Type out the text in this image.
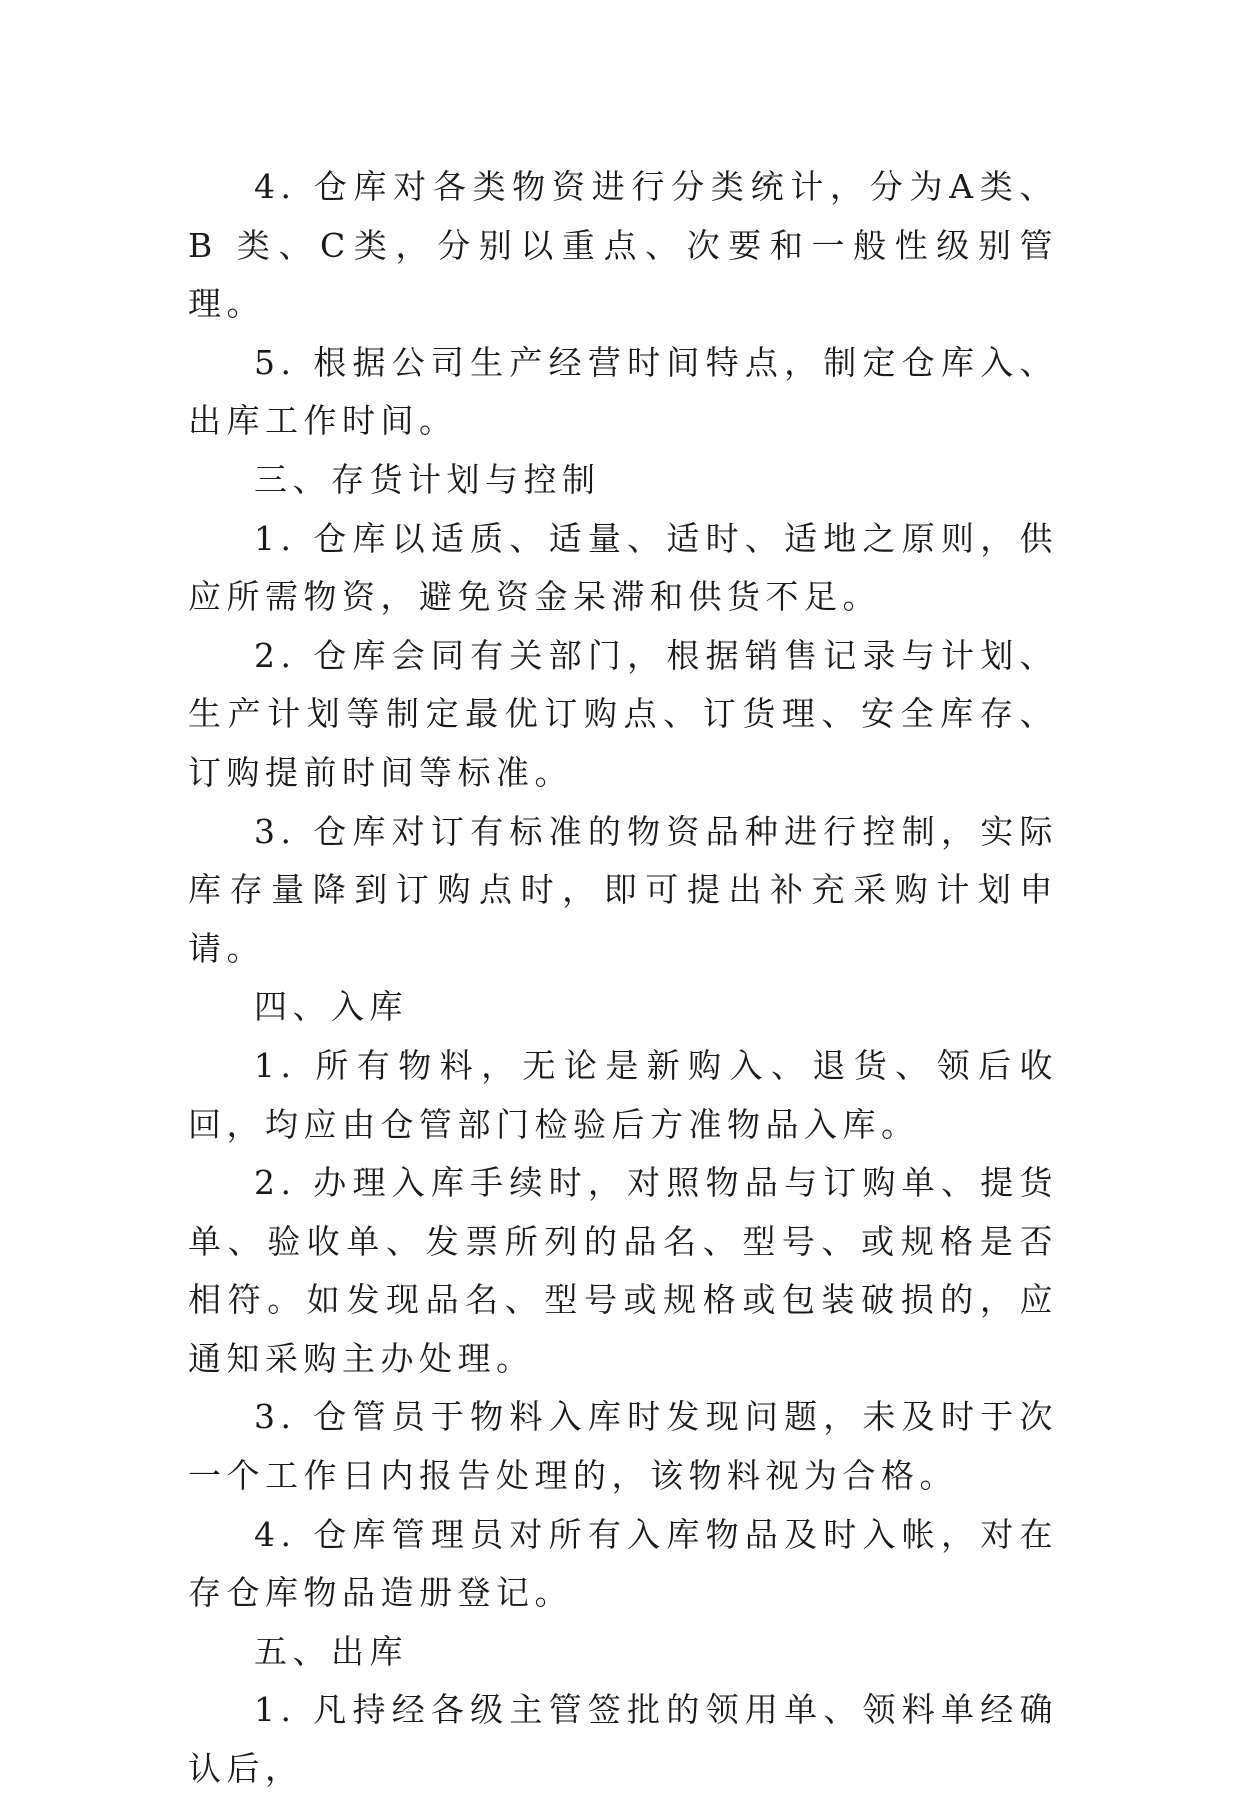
4. 仓库对各类物资进行分类统计，分为A类、B 类、C类，分别以重点、次要和一般性级别管理。

5. 根据公司生产经营时间特点，制定仓库入、出库工作时间。

三、存货计划与控制

1. 仓库以适质、适量、适时、适地之原则，供应所需物资，避免资金呆滞和供货不足。

2. 仓库会同有关部门，根据销售记录与计划、生产计划等制定最优订购点、订货理、安全库存、订购提前时间等标准。

3. 仓库对订有标准的物资品种进行控制，实际库存量降到订购点时，即可提出补充采购计划申请。

四、入库

1. 所有物料，无论是新购入、退货、领后收回，均应由仓管部门检验后方准物品入库。

2. 办理入库手续时，对照物品与订购单、提货单、验收单、发票所列的品名、型号、或规格是否相符。如发现品名、型号或规格或包装破损的，应通知采购主办处理。

3. 仓管员于物料入库时发现问题，未及时于次一个工作日内报告处理的，该物料视为合格。

4. 仓库管理员对所有入库物品及时入帐，对在存仓库物品造册登记。

五、出库

1. 凡持经各级主管签批的领用单、领料单经确认后，
